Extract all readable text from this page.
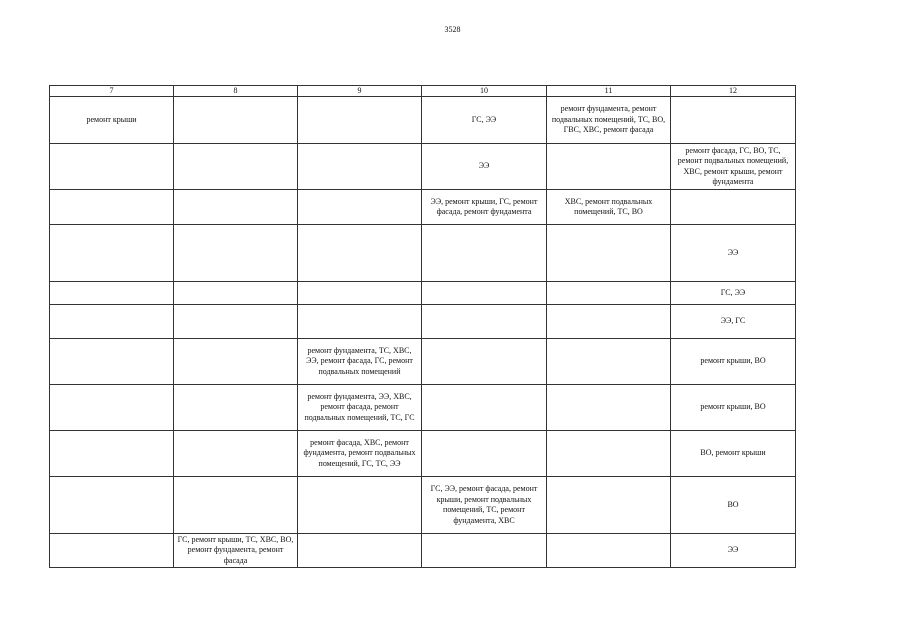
3528
7	8	9	10	11	12
ремонт крыши			ГС, ЭЭ	ремонт фундамента, ремонт подвальных помещений, ТС, ВО, ГВС, ХВС, ремонт фасада	
			ЭЭ		ремонт фасада, ГС, ВО, ТС, ремонт подвальных помещений, ХВС, ремонт крыши, ремонт фундамента
			ЭЭ, ремонт крыши, ГС, ремонт фасада, ремонт фундамента	ХВС, ремонт подвальных помещений, ТС, ВО	
					ЭЭ
					ГС, ЭЭ
					ЭЭ, ГС
		ремонт фундамента, ТС, ХВС, ЭЭ, ремонт фасада, ГС, ремонт подвальных помещений			ремонт крыши, ВО
		ремонт фундамента, ЭЭ, ХВС, ремонт фасада, ремонт подвальных помещений, ТС, ГС			ремонт крыши, ВО
		ремонт фасада, ХВС, ремонт фундамента, ремонт подвальных помещений, ГС, ТС, ЭЭ			ВО, ремонт крыши
			ГС, ЭЭ, ремонт фасада, ремонт крыши, ремонт подвальных помещений, ТС, ремонт фундамента, ХВС		ВО
	ГС, ремонт крыши, ТС, ХВС, ВО, ремонт фундамента, ремонт фасада				ЭЭ
